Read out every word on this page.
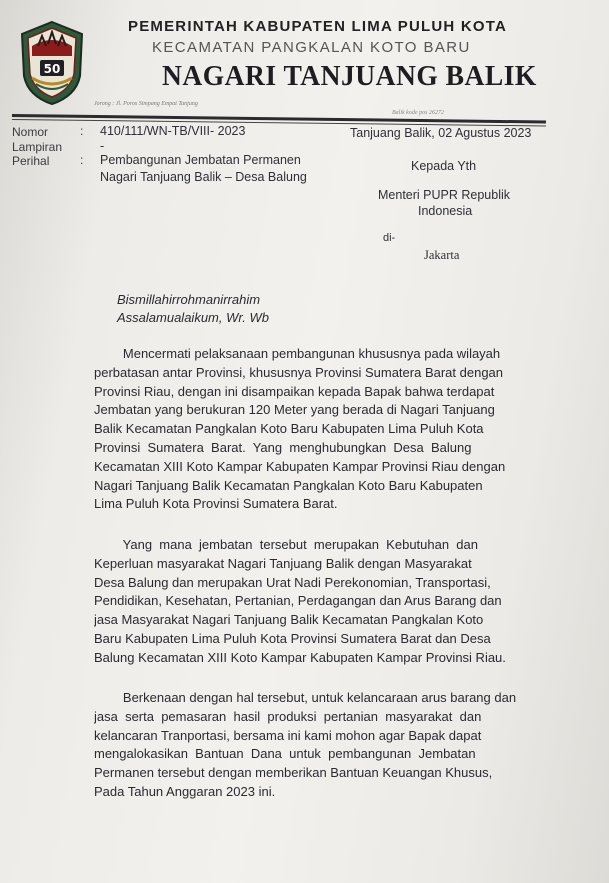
50
PEMERINTAH KABUPATEN LIMA PULUH KOTA
KECAMATAN PANGKALAN KOTO BARU
NAGARI TANJUANG BALIK
Jorong : Jl. Poros Simpang Empat Tanjung
Balik kode pos 26272
Nomor	: 410/111/WN-TB/VIII- 2023	Tanjuang Balik, 02 Agustus 2023
Lampiran	-
Perihal	: Pembangunan Jembatan Permanen
Nagari Tanjuang Balik – Desa Balung
Kepada Yth
Menteri PUPR Republik
Indonesia
di-
Jakarta
Bismillahirrohmanirrahim
Assalamualaikum, Wr. Wb
Mencermati pelaksanaan pembangunan khususnya pada wilayah
perbatasan antar Provinsi, khususnya Provinsi Sumatera Barat dengan
Provinsi Riau, dengan ini disampaikan kepada Bapak bahwa terdapat
Jembatan yang berukuran 120 Meter yang berada di Nagari Tanjuang
Balik Kecamatan Pangkalan Koto Baru Kabupaten Lima Puluh Kota
Provinsi  Sumatera  Barat.  Yang  menghubungkan  Desa  Balung
Kecamatan XIII Koto Kampar Kabupaten Kampar Provinsi Riau dengan
Nagari Tanjuang Balik Kecamatan Pangkalan Koto Baru Kabupaten
Lima Puluh Kota Provinsi Sumatera Barat.
Yang  mana  jembatan  tersebut  merupakan  Kebutuhan  dan
Keperluan masyarakat Nagari Tanjuang Balik dengan Masyarakat
Desa Balung dan merupakan Urat Nadi Perekonomian, Transportasi,
Pendidikan, Kesehatan, Pertanian, Perdagangan dan Arus Barang dan
jasa Masyarakat Nagari Tanjuang Balik Kecamatan Pangkalan Koto
Baru Kabupaten Lima Puluh Kota Provinsi Sumatera Barat dan Desa
Balung Kecamatan XIII Koto Kampar Kabupaten Kampar Provinsi Riau.
Berkenaan dengan hal tersebut, untuk kelancaraan arus barang dan
jasa  serta  pemasaran  hasil  produksi  pertanian  masyarakat  dan
kelancaran Tranportasi, bersama ini kami mohon agar Bapak dapat
mengalokasikan  Bantuan  Dana  untuk  pembangunan  Jembatan
Permanen tersebut dengan memberikan Bantuan Keuangan Khusus,
Pada Tahun Anggaran 2023 ini.
